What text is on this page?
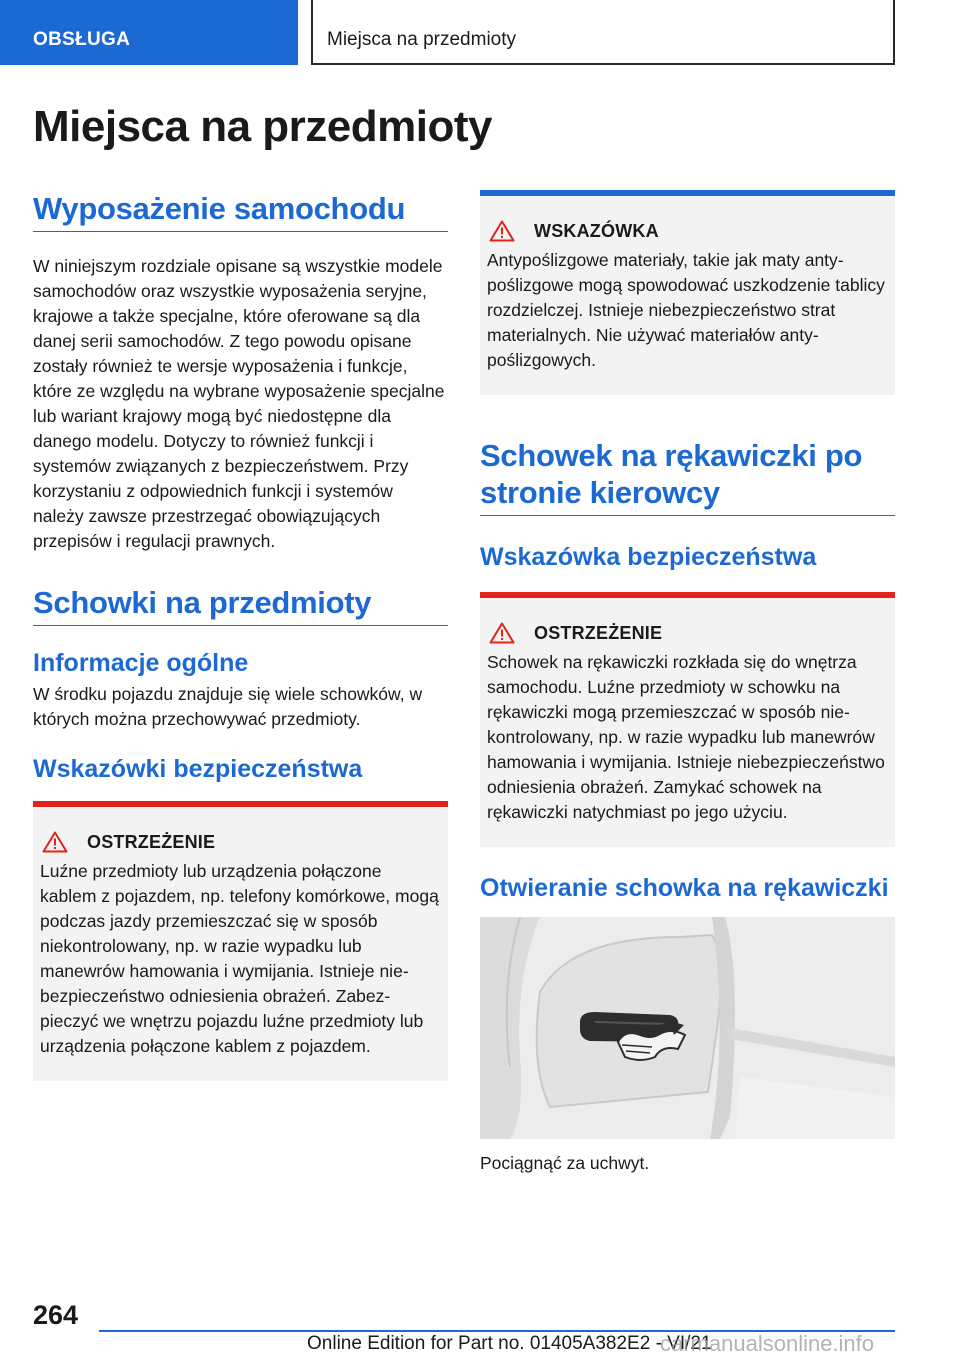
OBSŁUGA	Miejsca na przedmioty
Miejsca na przedmioty
Wyposażenie samochodu

W niniejszym rozdziale opisane są wszystkie modele samochodów oraz wszystkie wyposażenia seryjne, krajowe a także specjalne, które oferowane są dla danej serii samochodów. Z tego powodu opisane zostały również te wersje wyposażenia i funkcje, które ze względu na wybrane wyposażenie specjalne lub wariant krajowy mogą być niedostępne dla danego modelu. Dotyczy to również funkcji i systemów związanych z bezpieczeństwem. Przy korzystaniu z odpowiednich funkcji i systemów należy zawsze przestrzegać obowiązujących przepisów i regulacji prawnych.

Schowki na przedmioty
Informacje ogólne

W środku pojazdu znajduje się wiele schowków, w których można przechowywać przedmioty.

Wskazówki bezpieczeństwa
OSTRZEŻENIE

Luźne przedmioty lub urządzenia połączone kablem z pojazdem, np. telefony komórkowe, mogą podczas jazdy przemieszczać się w sposób niekontrolowany, np. w razie wypadku lub manewrów hamowania i wymijania. Istnieje niebezpieczeństwo odniesienia obrażeń. Zabezpieczyć we wnętrzu pojazdu luźne przedmioty lub urządzenia połączone kablem z pojazdem.

WSKAZÓWKA

Antypoślizgowe materiały, takie jak maty antypoślizgowe mogą spowodować uszkodzenie tablicy rozdzielczej. Istnieje niebezpieczeństwo strat materialnych. Nie używać materiałów antypoślizgowych.

Schowek na rękawiczki po stronie kierowcy
Wskazówka bezpieczeństwa
OSTRZEŻENIE

Schowek na rękawiczki rozkłada się do wnętrza samochodu. Luźne przedmioty w schowku na rękawiczki mogą przemieszczać w sposób niekontrolowany, np. w razie wypadku lub manewrów hamowania i wymijania. Istnieje niebezpieczeństwo odniesienia obrażeń. Zamykać schowek na rękawiczki natychmiast po jego użyciu.

Otwieranie schowka na rękawiczki

Pociągnąć za uchwyt.

264
Online Edition for Part no. 01405A382E2 - VI/21
carmanualsonline.info
